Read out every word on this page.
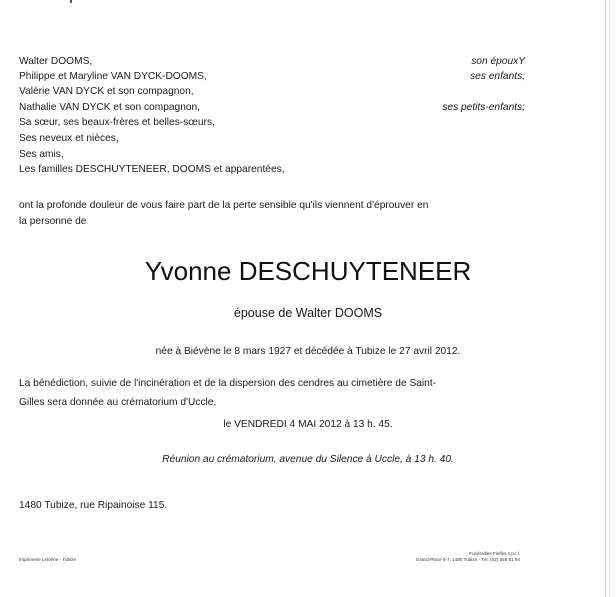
Walter DOOMS,
Philippe et Maryline VAN DYCK-DOOMS,
Valérie VAN DYCK et son compagnon,
Nathalie VAN DYCK et son compagnon,
Sa sœur, ses beaux-frères et belles-sœurs,
Ses neveux et nièces,
Ses amis,
Les familles DESCHUYTENEER, DOOMS et apparentées,
son épouxY
ses enfants;
ses petits-enfants;
ont la profonde douleur de vous faire part de la perte sensible qu'ils viennent d'éprouver en
la personne de
Yvonne DESCHUYTENEER
épouse de Walter DOOMS
née à Biévène le 8 mars 1927 et décédée à Tubize le 27 avril 2012.
La bénédiction, suivie de l'incinération et de la dispersion des cendres au cimetière de Saint-
Gilles sera donnée au crématorium d'Uccle,
le VENDREDI 4 MAI 2012 à 13 h. 45.
Réunion au crématorium, avenue du Silence à Uccle, à 13 h. 40.
1480 Tubize, rue Ripainoise 115.
Imprimerie Leloène - Tubize
Funérailles Fiefles s.p.r.l.
Grand-Place 6-7, 1480 Tubize - Tél. (02) 355 51 94
